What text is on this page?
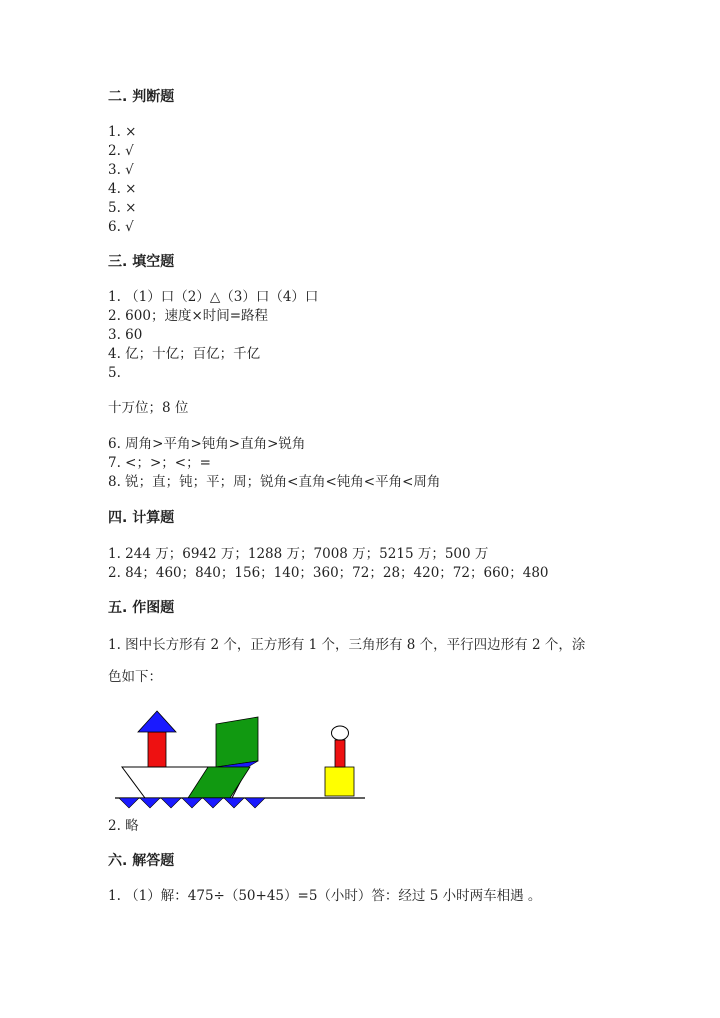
二. 判断题
1. ×
2. √
3. √
4. ×
5. ×
6. √
三. 填空题
1. （1）口（2）△（3）口（4）口
2. 600；速度×时间=路程
3. 60
4. 亿；十亿；百亿；千亿
5.
十万位；8 位
6. 周角>平角>钝角>直角>锐角
7. <；>；<；=
8. 锐；直；钝；平；周；锐角<直角<钝角<平角<周角
四. 计算题
1. 244 万；6942 万；1288 万；7008 万；5215 万；500 万
2. 84；460；840；156；140；360；72；28；420；72；660；480
五. 作图题
1. 图中长方形有 2 个，正方形有 1 个，三角形有 8 个，平行四边形有 2 个，涂
色如下：
2. 略
六. 解答题
1. （1）解：475÷（50+45）=5（小时）答：经过 5 小时两车相遇 。
